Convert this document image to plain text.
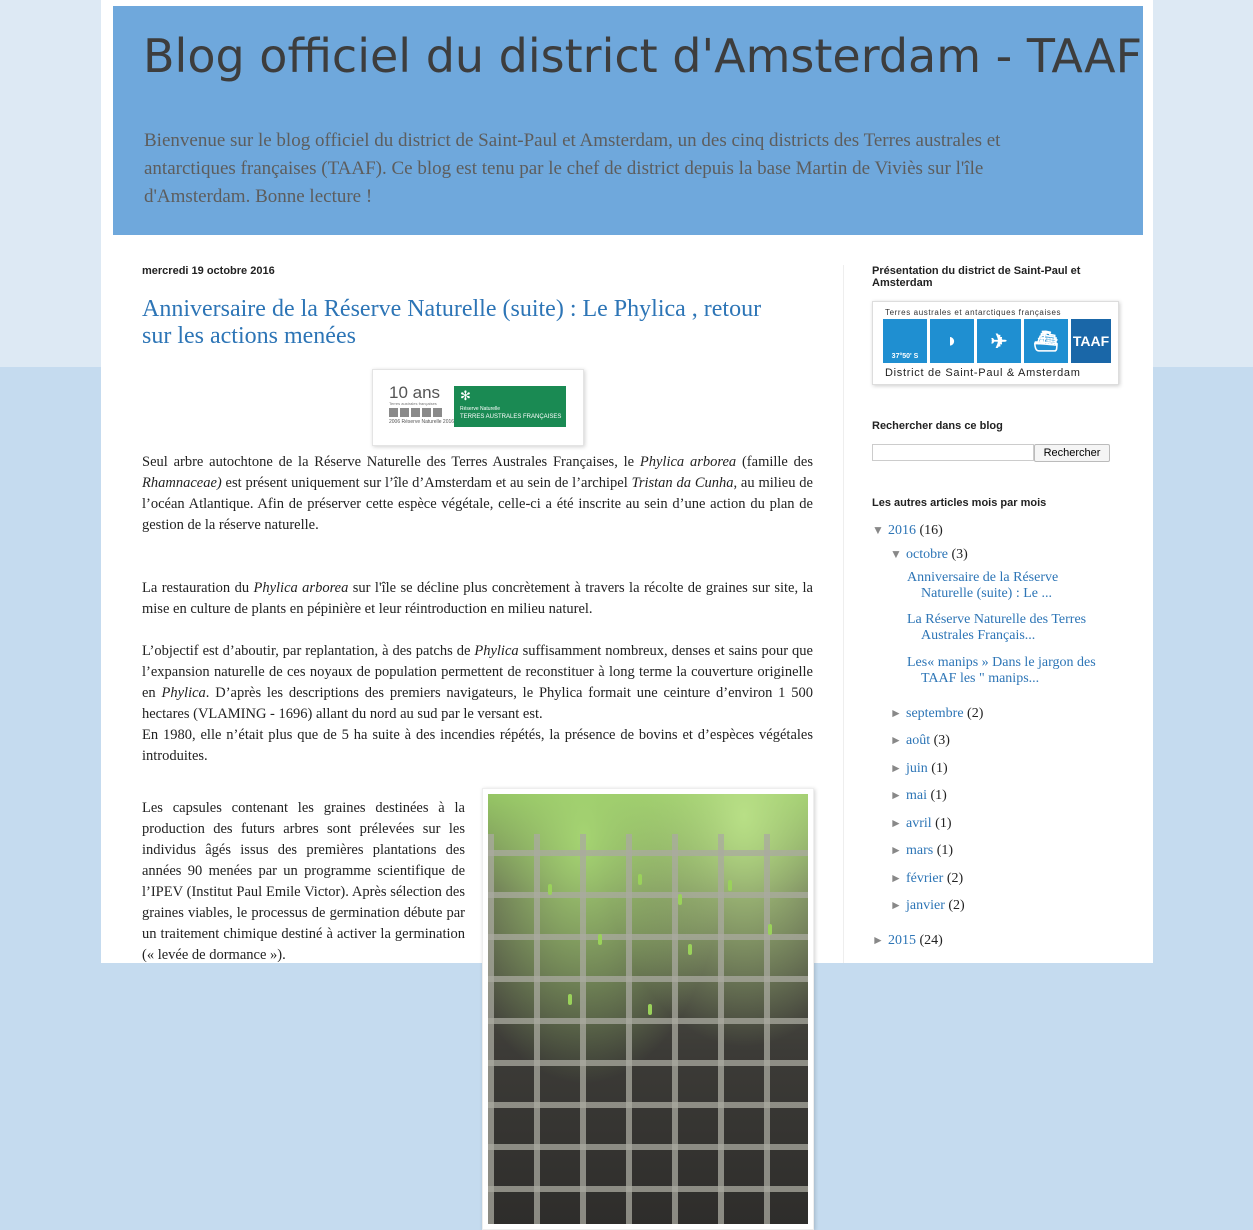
Blog officiel du district d'Amsterdam - TAAF

Bienvenue sur le blog officiel du district de Saint-Paul et Amsterdam, un des cinq districts des Terres australes et antarctiques françaises (TAAF). Ce blog est tenu par le chef de district depuis la base Martin de Viviès sur l'île d'Amsterdam. Bonne lecture !

mercredi 19 octobre 2016
Anniversaire de la Réserve Naturelle (suite) : Le Phylica , retour sur les actions menées
10 ans
Terres australes françaises
2006 Réserve Naturelle 2016
✻
Réserve Naturelle
TERRES AUSTRALES FRANÇAISES

Seul arbre autochtone de la Réserve Naturelle des Terres Australes Françaises, le Phylica arborea (famille des Rhamnaceae) est présent uniquement sur l’île d’Amsterdam et au sein de l’archipel Tristan da Cunha, au milieu de l’océan Atlantique. Afin de préserver cette espèce végétale, celle-ci a été inscrite au sein d’une action du plan de gestion de la réserve naturelle.

La restauration du Phylica arborea sur l'île se décline plus concrètement à travers la récolte de graines sur site, la mise en culture de plants en pépinière et leur réintroduction en milieu naturel.

L’objectif est d’aboutir, par replantation, à des patchs de Phylica suffisamment nombreux, denses et sains pour que l’expansion naturelle de ces noyaux de population permettent de reconstituer à long terme la couverture originelle en Phylica. D’après les descriptions des premiers navigateurs, le Phylica formait une ceinture d’environ 1 500 hectares (VLAMING - 1696) allant du nord au sud par le versant est.
En 1980, elle n’était plus que de 5 ha suite à des incendies répétés, la présence de bovins et d’espèces végétales introduites.

Les capsules contenant les graines destinées à la production des futurs arbres sont prélevées sur les individus âgés issus des premières plantations des années 90 menées par un programme scientifique de l’IPEV (Institut Paul Emile Victor). Après sélection des graines viables, le processus de germination débute par un traitement chimique destiné à activer la germination (« levée de dormance »).

Présentation du district de Saint-Paul et Amsterdam
Terres australes et antarctiques françaises
37°50' S
◗	✈	⛴	TAAF
District de Saint-Paul & Amsterdam
Rechercher dans ce blog
Rechercher
Les autres articles mois par mois
▼ 2016 (16)
▼ octobre (3)
Anniversaire de la Réserve
Naturelle (suite) : Le ...
La Réserve Naturelle des Terres
Australes Français...
Les« manips » Dans le jargon des
TAAF les " manips...
► septembre (2)
► août (3)
► juin (1)
► mai (1)
► avril (1)
► mars (1)
► février (2)
► janvier (2)
► 2015 (24)
